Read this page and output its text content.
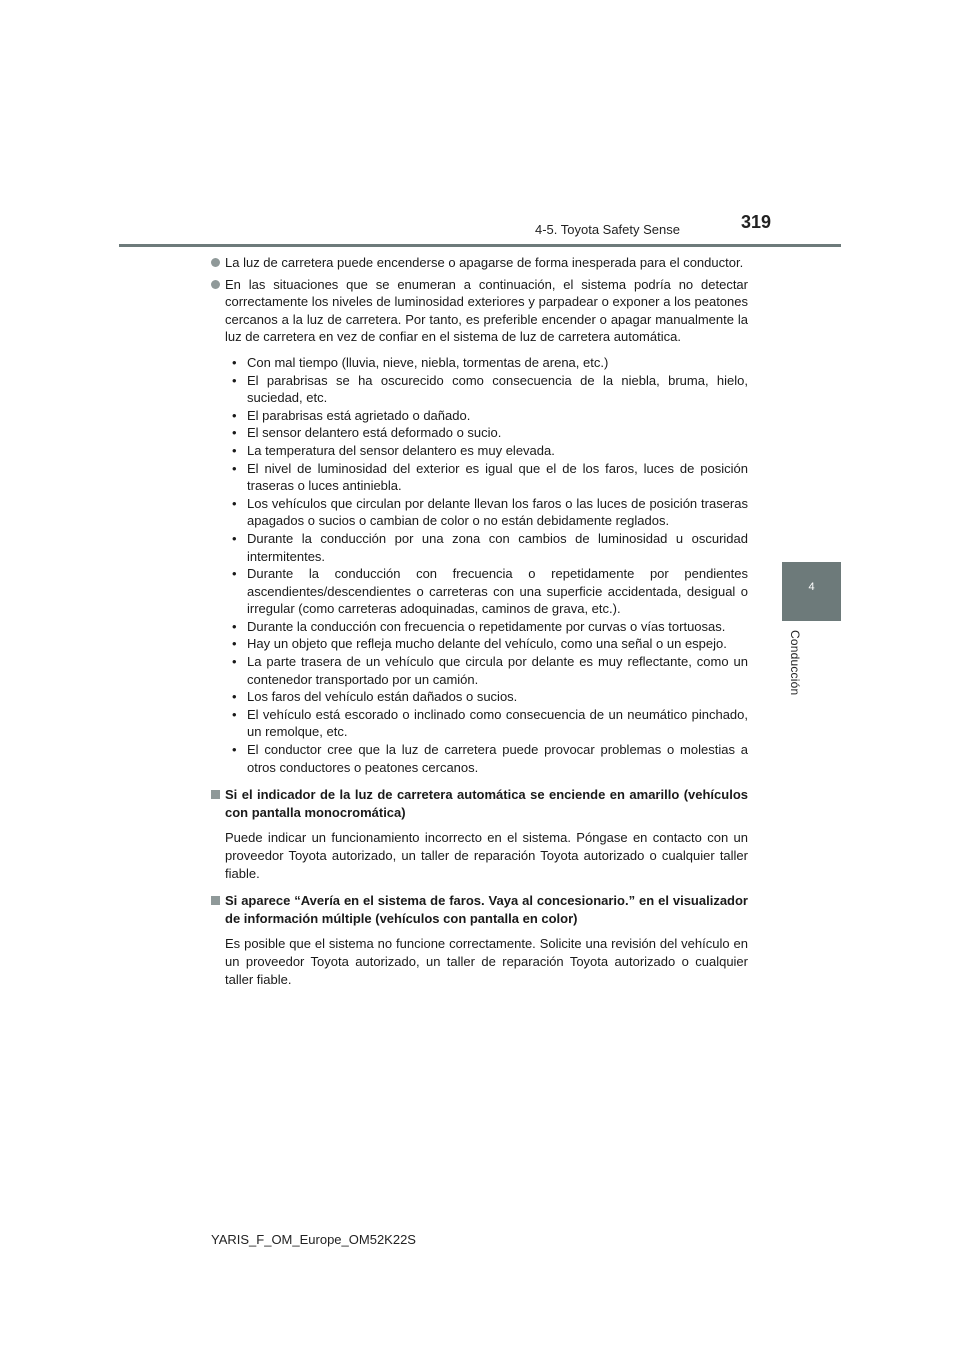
4-5. Toyota Safety Sense	319
4
Conducción
La luz de carretera puede encenderse o apagarse de forma inesperada para el conductor.
En las situaciones que se enumeran a continuación, el sistema podría no detectar correctamente los niveles de luminosidad exteriores y parpadear o exponer a los peatones cercanos a la luz de carretera. Por tanto, es preferible encender o apagar manualmente la luz de carretera en vez de confiar en el sistema de luz de carretera automática.
• Con mal tiempo (lluvia, nieve, niebla, tormentas de arena, etc.)
• El parabrisas se ha oscurecido como consecuencia de la niebla, bruma, hielo, suciedad, etc.
• El parabrisas está agrietado o dañado.
• El sensor delantero está deformado o sucio.
• La temperatura del sensor delantero es muy elevada.
• El nivel de luminosidad del exterior es igual que el de los faros, luces de posición traseras o luces antiniebla.
• Los vehículos que circulan por delante llevan los faros o las luces de posición traseras apagados o sucios o cambian de color o no están debidamente reglados.
• Durante la conducción por una zona con cambios de luminosidad u oscuridad intermitentes.
• Durante la conducción con frecuencia o repetidamente por pendientes ascendientes/descendientes o carreteras con una superficie accidentada, desigual o irregular (como carreteras adoquinadas, caminos de grava, etc.).
• Durante la conducción con frecuencia o repetidamente por curvas o vías tortuosas.
• Hay un objeto que refleja mucho delante del vehículo, como una señal o un espejo.
• La parte trasera de un vehículo que circula por delante es muy reflectante, como un contenedor transportado por un camión.
• Los faros del vehículo están dañados o sucios.
• El vehículo está escorado o inclinado como consecuencia de un neumático pinchado, un remolque, etc.
• El conductor cree que la luz de carretera puede provocar problemas o molestias a otros conductores o peatones cercanos.
Si el indicador de la luz de carretera automática se enciende en amarillo (vehículos con pantalla monocromática)
Puede indicar un funcionamiento incorrecto en el sistema. Póngase en contacto con un proveedor Toyota autorizado, un taller de reparación Toyota autorizado o cualquier taller fiable.
Si aparece “Avería en el sistema de faros. Vaya al concesionario.” en el visualizador de información múltiple (vehículos con pantalla en color)
Es posible que el sistema no funcione correctamente. Solicite una revisión del vehículo en un proveedor Toyota autorizado, un taller de reparación Toyota autorizado o cualquier taller fiable.
YARIS_F_OM_Europe_OM52K22S
